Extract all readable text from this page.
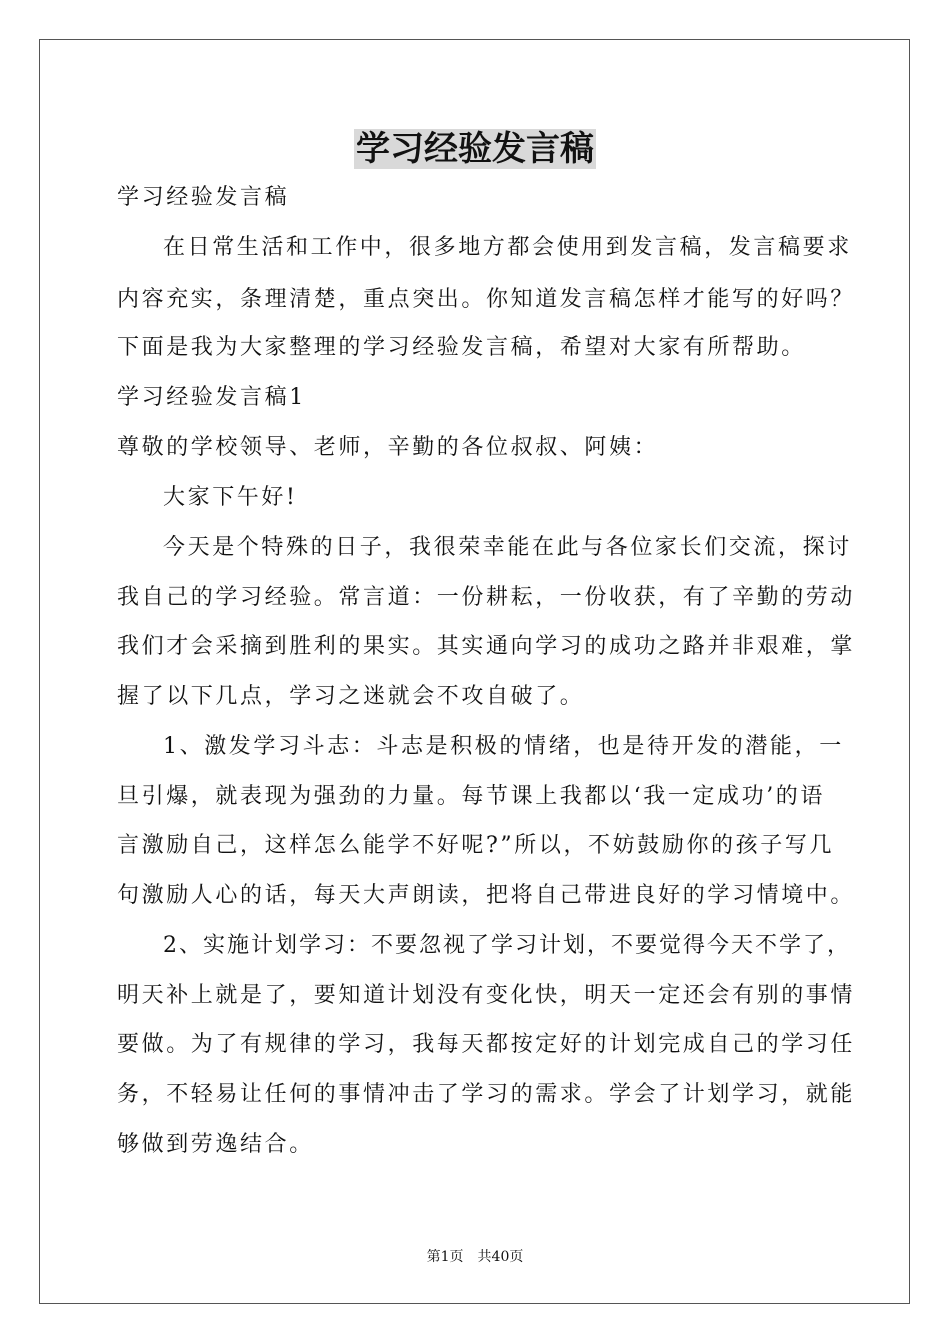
学习经验发言稿
学习经验发言稿
在日常生活和工作中，很多地方都会使用到发言稿，发言稿要求
内容充实，条理清楚，重点突出。你知道发言稿怎样才能写的好吗？
下面是我为大家整理的学习经验发言稿，希望对大家有所帮助。
学习经验发言稿1
尊敬的学校领导、老师，辛勤的各位叔叔、阿姨：
大家下午好!
今天是个特殊的日子，我很荣幸能在此与各位家长们交流，探讨
我自己的学习经验。常言道：一份耕耘，一份收获，有了辛勤的劳动
我们才会采摘到胜利的果实。其实通向学习的成功之路并非艰难，掌
握了以下几点，学习之迷就会不攻自破了。
1、激发学习斗志：斗志是积极的情绪，也是待开发的潜能，一
旦引爆，就表现为强劲的力量。每节课上我都以‘我一定成功’的语
言激励自己，这样怎么能学不好呢?”所以，不妨鼓励你的孩子写几
句激励人心的话，每天大声朗读，把将自己带进良好的学习情境中。
2、实施计划学习：不要忽视了学习计划，不要觉得今天不学了，
明天补上就是了，要知道计划没有变化快，明天一定还会有别的事情
要做。为了有规律的学习，我每天都按定好的计划完成自己的学习任
务，不轻易让任何的事情冲击了学习的需求。学会了计划学习，就能
够做到劳逸结合。
第1页　共40页
